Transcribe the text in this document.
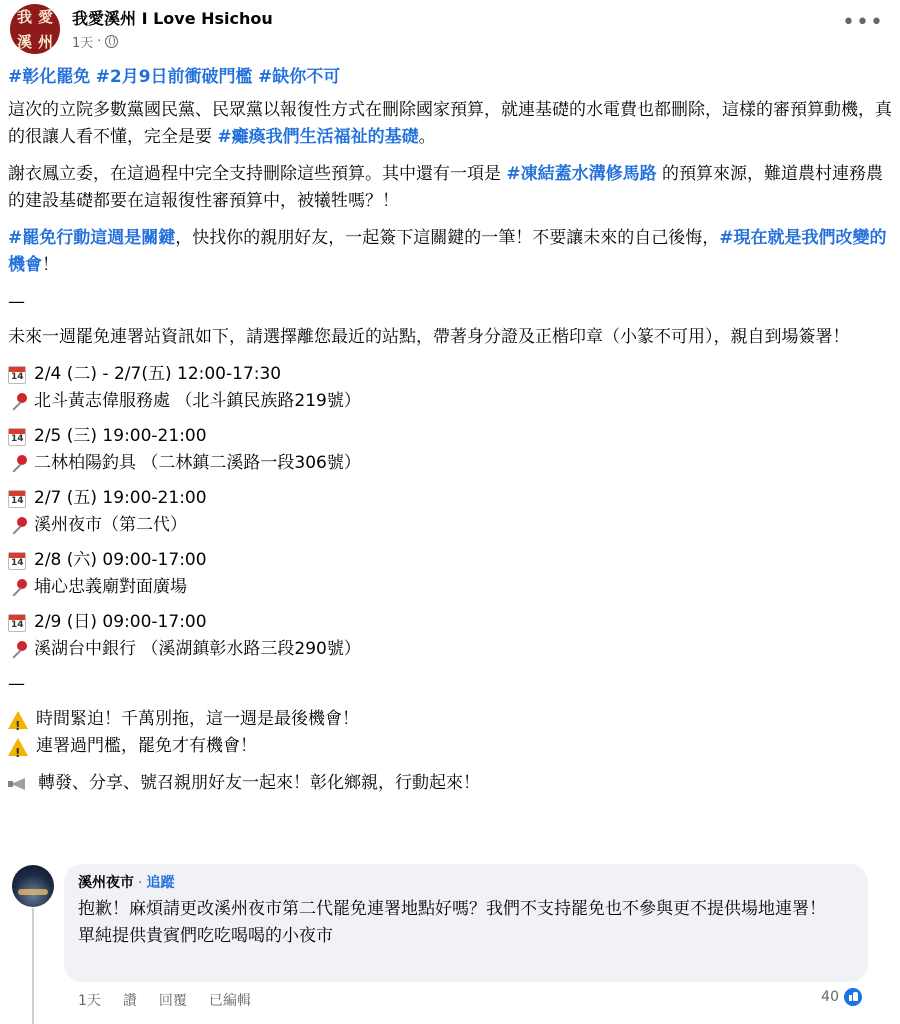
我 愛
溪 州
我愛溪州 I Love Hsichou
1天 ·
•••

#彰化罷免 #2月9日前衝破門檻 #缺你不可

這次的立院多數黨國民黨、民眾黨以報復性方式在刪除國家預算，就連基礎的水電費也都刪除，這樣的審預算動機，真的很讓人看不懂，完全是要 #癱瘓我們生活福祉的基礎。

謝衣鳳立委，在這過程中完全支持刪除這些預算。其中還有一項是 #凍結蓋水溝修馬路 的預算來源，難道農村連務農的建設基礎都要在這報復性審預算中，被犧牲嗎？！

#罷免行動這週是關鍵，快找你的親朋好友，一起簽下這關鍵的一筆！不要讓未來的自己後悔，#現在就是我們改變的機會！

—

未來一週罷免連署站資訊如下，請選擇離您最近的站點，帶著身分證及正楷印章（小篆不可用），親自到場簽署！

14
2/4 (二) - 2/7(五) 12:00-17:30
北斗黃志偉服務處 （北斗鎮民族路219號）
14
2/5 (三) 19:00-21:00
二林柏陽釣具 （二林鎮二溪路一段306號）
14
2/7 (五) 19:00-21:00
溪州夜市（第二代）
14
2/8 (六) 09:00-17:00
埔心忠義廟對面廣場
14
2/9 (日) 09:00-17:00
溪湖台中銀行 （溪湖鎮彰水路三段290號）

—

!
時間緊迫！千萬別拖，這一週是最後機會！
!
連署過門檻，罷免才有機會！
轉發、分享、號召親朋好友一起來！彰化鄉親，行動起來！
溪州夜市 · 追蹤

抱歉！麻煩請更改溪州夜市第二代罷免連署地點好嗎？我們不支持罷免也不參與更不提供場地連署！

單純提供貴賓們吃吃喝喝的小夜市

1天 讚 回覆 已編輯	40
